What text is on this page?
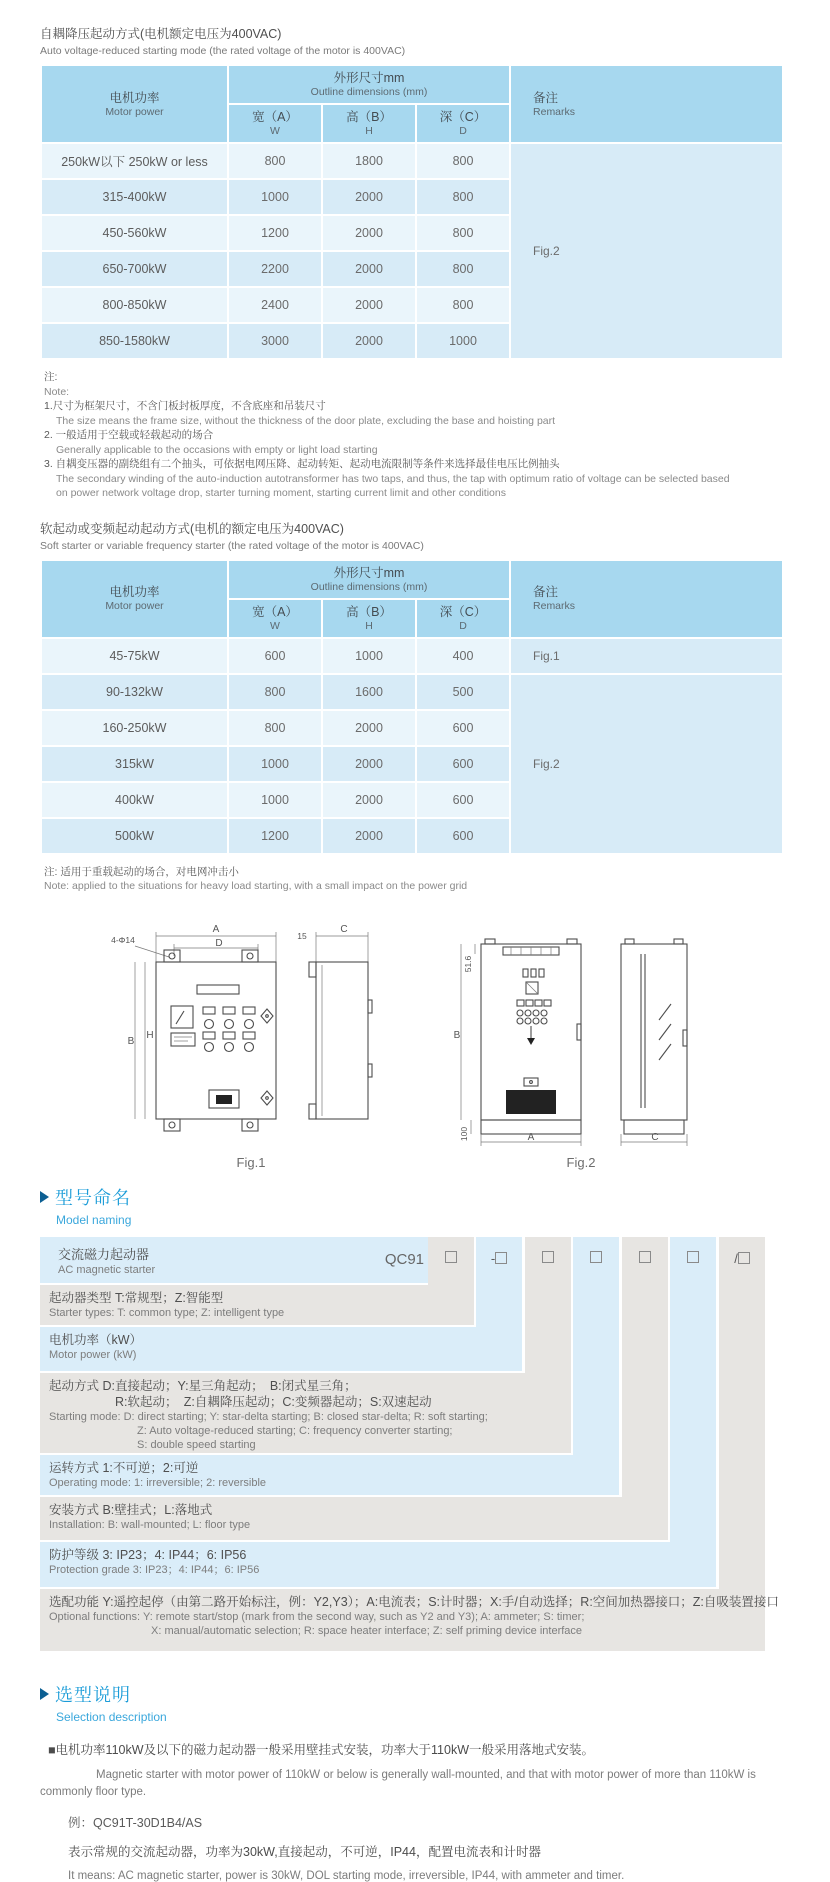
自耦降压起动方式(电机额定电压为400VAC)
Auto voltage-reduced starting mode (the rated voltage of the motor is 400VAC)
电机功率
Motor power

外形尺寸mm
Outline dimensions (mm)	备注
Remarks

宽（A）
W

高（B）
H

深（C）
D

250kW以下 250kW or less	800	1800	800	Fig.2
315-400kW	1000	2000	800	
450-560kW	1200	2000	800	
650-700kW	2200	2000	800	
800-850kW	2400	2000	800	
850-1580kW	3000	2000	1000	
注:
Note:
1.尺寸为框架尺寸，不含门板封板厚度，不含底座和吊装尺寸
The size means the frame size, without the thickness of the door plate, excluding the base and hoisting part
2. 一般适用于空载或轻载起动的场合
Generally applicable to the occasions with empty or light load starting
3. 自耦变压器的副绕组有二个抽头，可依据电网压降、起动转矩、起动电流限制等条件来选择最佳电压比例抽头
The secondary winding of the auto-induction autotransformer has two taps, and thus, the tap with optimum ratio of voltage can be selected based on power network voltage drop, starter turning moment, starting current limit and other conditions
软起动或变频起动起动方式(电机的额定电压为400VAC)
Soft starter or variable frequency starter (the rated voltage of the motor is 400VAC)
电机功率
Motor power

外形尺寸mm
Outline dimensions (mm)	备注
Remarks

宽（A）
W

高（B）
H

深（C）
D

45-75kW	600	1000	400	Fig.1
90-132kW	800	1600	500	Fig.2
160-250kW	800	2000	600	
315kW	1000	2000	600	
400kW	1000	2000	600	
500kW	1200	2000	600	
注: 适用于重载起动的场合，对电网冲击小
Note: applied to the situations for heavy load starting, with a small impact on the power grid
A
D
4-Φ14
B
H
C
15
Fig.1
51.6
B
100	A	C
Fig.2
型号命名
Model naming
-	/
交流磁力起动器
AC magnetic starter
QC91
起动器类型 T:常规型；Z:智能型
Starter types: T: common type; Z: intelligent type
电机功率（kW）
Motor power (kW)
起动方式 D:直接起动；Y:星三角起动；　B:闭式星三角；
R:软起动；　Z:自耦降压起动；C:变频器起动；S:双速起动
Starting mode: D: direct starting; Y: star-delta starting; B: closed star-delta; R: soft starting;
Z: Auto voltage-reduced starting; C: frequency converter starting;
S: double speed starting
运转方式 1:不可逆；2:可逆
Operating mode: 1: irreversible; 2: reversible
安装方式 B:壁挂式；L:落地式
Installation: B: wall-mounted; L: floor type
防护等级 3: IP23；4: IP44；6: IP56
Protection grade 3: IP23；4: IP44；6: IP56
选配功能 Y:遥控起停（由第二路开始标注，例：Y2,Y3）；A:电流表；S:计时器；X:手/自动选择；R:空间加热器接口；Z:自吸装置接口
Optional functions: Y: remote start/stop (mark from the second way, such as Y2 and Y3); A: ammeter; S: timer;
X: manual/automatic selection; R: space heater interface; Z: self priming device interface
选型说明
Selection description
■电机功率110kW及以下的磁力起动器一般采用壁挂式安装，功率大于110kW一般采用落地式安装。
Magnetic starter with motor power of 110kW or below is generally wall-mounted, and that with motor power of more than 110kW is commonly floor type.
例：QC91T-30D1B4/AS
表示常规的交流起动器，功率为30kW,直接起动，不可逆，IP44，配置电流表和计时器
It means: AC magnetic starter, power is 30kW, DOL starting mode, irreversible, IP44, with ammeter and timer.
